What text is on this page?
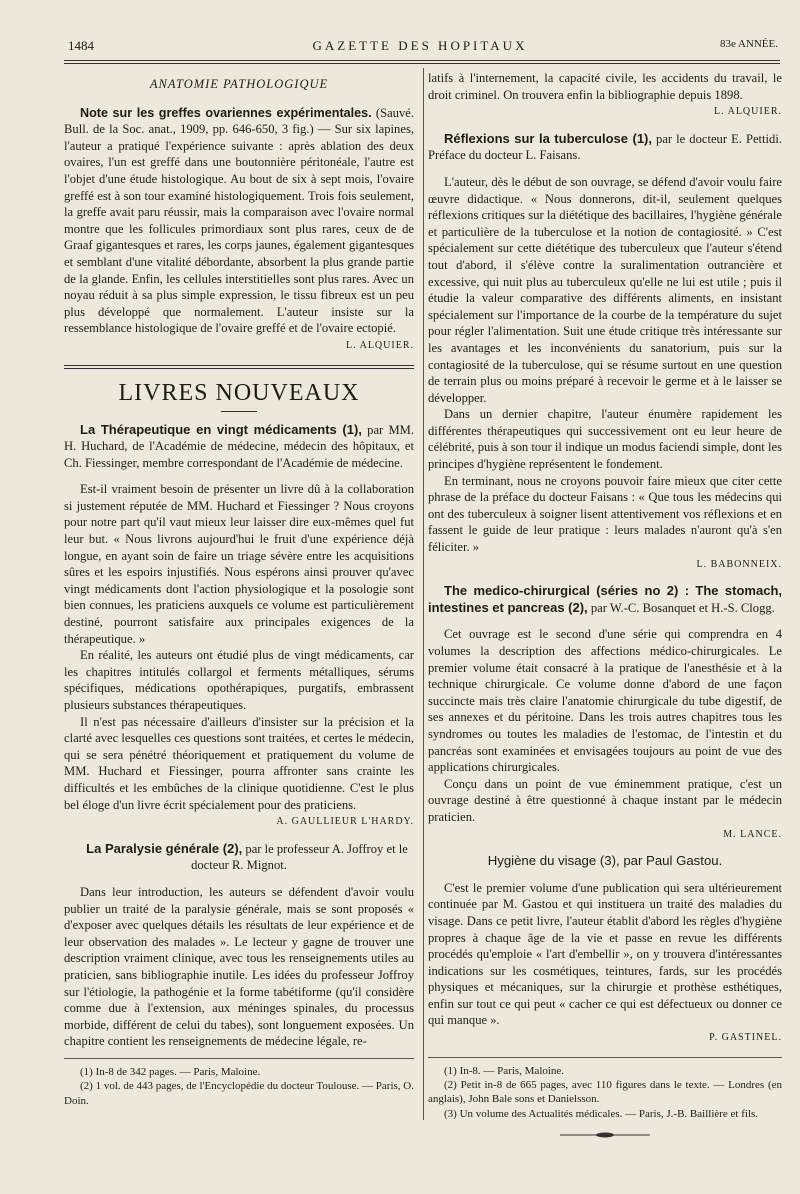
1484	GAZETTE DES HOPITAUX	83e ANNÉE.
ANATOMIE PATHOLOGIQUE

Note sur les greffes ovariennes expérimentales. (Sauvé. Bull. de la Soc. anat., 1909, pp. 646-650, 3 fig.) — Sur six lapines, l'auteur a pratiqué l'expérience suivante : après ablation des deux ovaires, l'un est greffé dans une boutonnière péritonéale, l'autre est l'objet d'une étude histologique. Au bout de six à sept mois, l'ovaire greffé est à son tour examiné histologiquement. Trois fois seulement, la greffe avait paru réussir, mais la comparaison avec l'ovaire normal montre que les follicules primordiaux sont plus rares, ceux de de Graaf gigantesques et rares, les corps jaunes, également gigantesques et semblant d'une vitalité débordante, absorbent la plus grande partie de la glande. Enfin, les cellules interstitielles sont plus rares. Avec un noyau réduit à sa plus simple expression, le tissu fibreux est un peu plus développé que normalement. L'auteur insiste sur la ressemblance histologique de l'ovaire greffé et de l'ovaire ectopié.

L. ALQUIER.
LIVRES NOUVEAUX

La Thérapeutique en vingt médicaments (1), par MM. H. Huchard, de l'Académie de médecine, médecin des hôpitaux, et Ch. Fiessinger, membre correspondant de l'Académie de médecine.

Est-il vraiment besoin de présenter un livre dû à la collaboration si justement réputée de MM. Huchard et Fiessinger ? Nous croyons pour notre part qu'il vaut mieux leur laisser dire eux-mêmes quel fut leur but. « Nous livrons aujourd'hui le fruit d'une expérience déjà longue, en ayant soin de faire un triage sévère entre les acquisitions sûres et les espoirs injustifiés. Nous espérons ainsi prouver qu'avec vingt médicaments dont l'action physiologique et la posologie sont bien connues, les praticiens auxquels ce volume est particulièrement destiné, pourront satisfaire aux principales exigences de la thérapeutique. »

En réalité, les auteurs ont étudié plus de vingt médicaments, car les chapitres intitulés collargol et ferments métalliques, sérums spécifiques, médications opothérapiques, purgatifs, embrassent plusieurs substances thérapeutiques.

Il n'est pas nécessaire d'ailleurs d'insister sur la précision et la clarté avec lesquelles ces questions sont traitées, et certes le médecin, qui se sera pénétré théoriquement et pratiquement du volume de MM. Huchard et Fiessinger, pourra affronter sans crainte les difficultés et les embûches de la clinique quotidienne. C'est le plus bel éloge d'un livre écrit spécialement pour des praticiens.

A. GAULLIEUR L'HARDY.

La Paralysie générale (2), par le professeur A. Joffroy et le docteur R. Mignot.

Dans leur introduction, les auteurs se défendent d'avoir voulu publier un traité de la paralysie générale, mais se sont proposés « d'exposer avec quelques détails les résultats de leur expérience et de leur observation des malades ». Le lecteur y gagne de trouver une description vraiment clinique, avec tous les renseignements utiles au praticien, sans bibliographie inutile. Les idées du professeur Joffroy sur l'étiologie, la pathogénie et la forme tabétiforme (qu'il considère comme due à l'extension, aux méninges spinales, du processus morbide, différent de celui du tabes), sont longuement exposées. Un chapitre contient les renseignements de médecine légale, re-

(1) In-8 de 342 pages. — Paris, Maloine.

(2) 1 vol. de 443 pages, de l'Encyclopédie du docteur Toulouse. — Paris, O. Doin.

latifs à l'internement, la capacité civile, les accidents du travail, le droit criminel. On trouvera enfin la bibliographie depuis 1898.

L. ALQUIER.

Réflexions sur la tuberculose (1), par le docteur E. Pettidi. Préface du docteur L. Faisans.

L'auteur, dès le début de son ouvrage, se défend d'avoir voulu faire œuvre didactique. « Nous donnerons, dit-il, seulement quelques réflexions critiques sur la diététique des bacillaires, l'hygiène générale et particulière de la tuberculose et la notion de contagiosité. » C'est spécialement sur cette diététique des tuberculeux que l'auteur s'étend tout d'abord, il s'élève contre la suralimentation outrancière et excessive, qui nuit plus au tuberculeux qu'elle ne lui est utile ; puis il étudie la valeur comparative des différents aliments, en insistant spécialement sur l'importance de la courbe de la température du sujet pour régler l'alimentation. Suit une étude critique très intéressante sur les avantages et les inconvénients du sanatorium, puis sur la contagiosité de la tuberculose, qui se résume surtout en une question de terrain plus ou moins préparé à recevoir le germe et à le laisser se développer.

Dans un dernier chapitre, l'auteur énumère rapidement les différentes thérapeutiques qui successivement ont eu leur heure de célébrité, puis à son tour il indique un modus faciendi simple, dont les principes d'hygiène représentent le fondement.

En terminant, nous ne croyons pouvoir faire mieux que citer cette phrase de la préface du docteur Faisans : « Que tous les médecins qui ont des tuberculeux à soigner lisent attentivement vos réflexions et en fassent le guide de leur pratique : leurs malades n'auront qu'à s'en féliciter. »

L. BABONNEIX.

The medico-chirurgical (séries no 2) : The stomach, intestines et pancreas (2), par W.-C. Bosanquet et H.-S. Clogg.

Cet ouvrage est le second d'une série qui comprendra en 4 volumes la description des affections médico-chirurgicales. Le premier volume était consacré à la pratique de l'anesthésie et à la technique chirurgicale. Ce volume donne d'abord de une façon succincte mais très claire l'anatomie chirurgicale du tube digestif, de ses annexes et du péritoine. Dans les trois autres chapitres tous les syndromes ou toutes les maladies de l'estomac, de l'intestin et du pancréas sont examinées et envisagées toujours au point de vue des applications chirurgicales.

Conçu dans un point de vue éminemment pratique, c'est un ouvrage destiné à être questionné à chaque instant par le médecin praticien.

M. LANCE.
Hygiène du visage (3), par Paul Gastou.

C'est le premier volume d'une publication qui sera ultérieurement continuée par M. Gastou et qui instituera un traité des maladies du visage. Dans ce petit livre, l'auteur établit d'abord les règles d'hygiène propres à chaque âge de la vie et passe en revue les différents procédés qu'emploie « l'art d'embellir », on y trouvera d'intéressantes indications sur les cosmétiques, teintures, fards, sur les procédés physiques et mécaniques, sur la chirurgie et prothèse esthétiques, enfin sur tout ce qui peut « cacher ce qui est défectueux ou donner ce qui manque ».

P. GASTINEL.

(1) In-8. — Paris, Maloine.

(2) Petit in-8 de 665 pages, avec 110 figures dans le texte. — Londres (en anglais), John Bale sons et Danielsson.

(3) Un volume des Actualités médicales. — Paris, J.-B. Baillière et fils.
